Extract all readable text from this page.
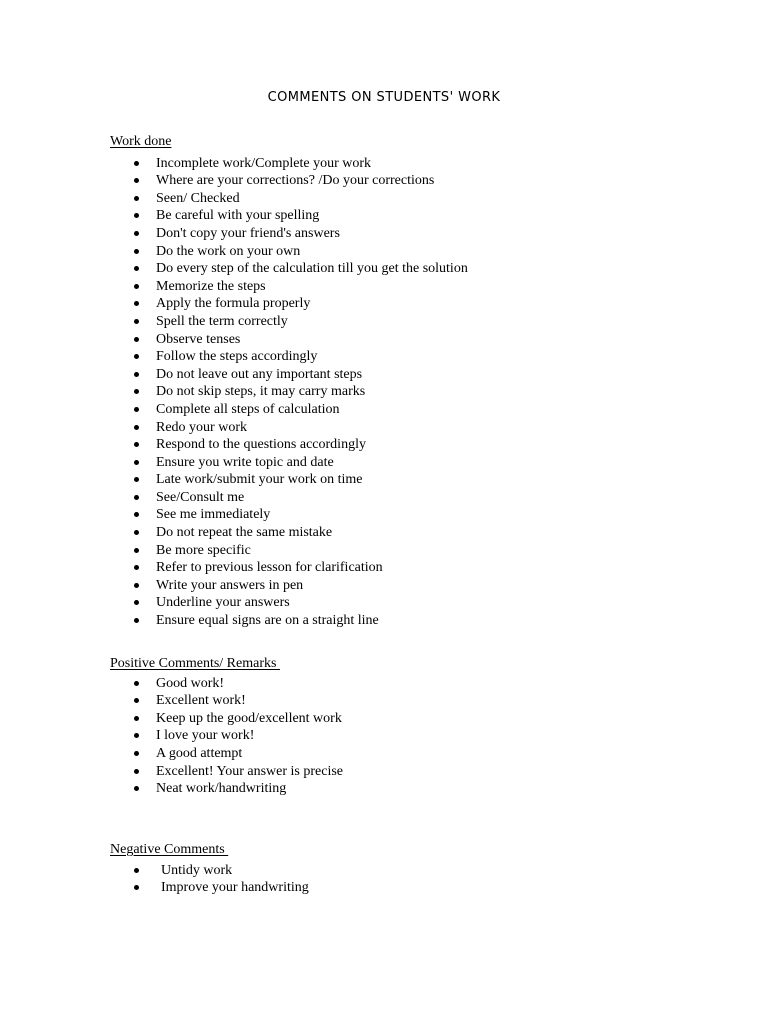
COMMENTS ON STUDENTS' WORK
Work done
Incomplete work/Complete your work
Where are your corrections? /Do your corrections
Seen/ Checked
Be careful with your spelling
Don't copy your friend's answers
Do the work on your own
Do every step of the calculation till you get the solution
Memorize the steps
Apply the formula properly
Spell the term correctly
Observe tenses
Follow the steps accordingly
Do not leave out any important steps
Do not skip steps, it may carry marks
Complete all steps of calculation
Redo your work
Respond to the questions accordingly
Ensure you write topic and date
Late work/submit your work on time
See/Consult me
See me immediately
Do not repeat the same mistake
Be more specific
Refer to previous lesson for clarification
Write your answers in pen
Underline your answers
Ensure equal signs are on a straight line
Positive Comments/ Remarks
Good work!
Excellent work!
Keep up the good/excellent work
I love your work!
A good attempt
Excellent! Your answer is precise
Neat work/handwriting
Negative Comments
Untidy work
Improve your handwriting
